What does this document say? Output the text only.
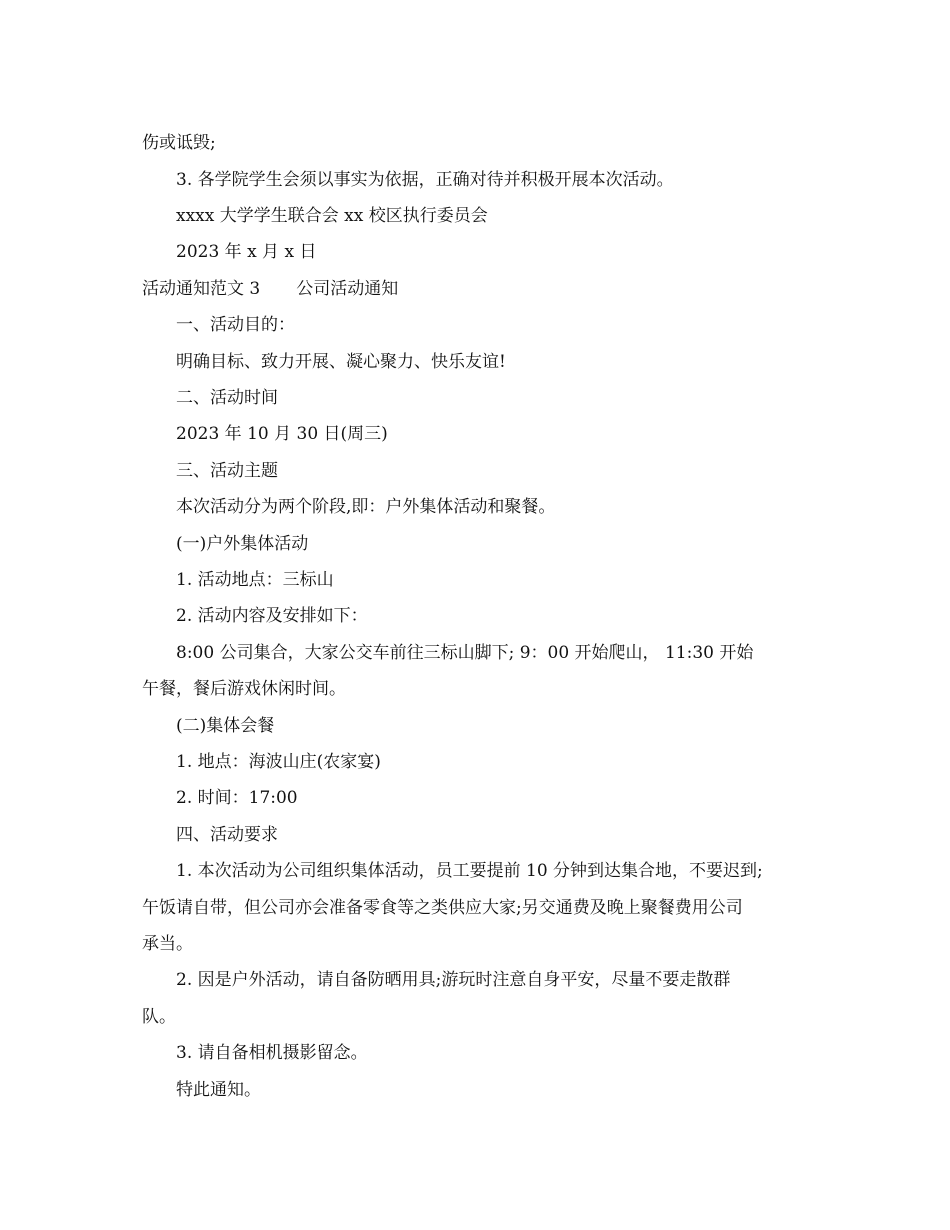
伤或诋毁;
3. 各学院学生会须以事实为依据，正确对待并积极开展本次活动。
xxxx 大学学生联合会 xx 校区执行委员会
2023 年 x 月 x 日
活动通知范文 3 公司活动通知
一、活动目的：
明确目标、致力开展、凝心聚力、快乐友谊!
二、活动时间
2023 年 10 月 30 日(周三)
三、活动主题
本次活动分为两个阶段,即：户外集体活动和聚餐。
(一)户外集体活动
1. 活动地点：三标山
2. 活动内容及安排如下：
8:00 公司集合，大家公交车前往三标山脚下; 9：00 开始爬山， 11:30 开始
午餐，餐后游戏休闲时间。
(二)集体会餐
1. 地点：海波山庄(农家宴)
2. 时间：17:00
四、活动要求
1. 本次活动为公司组织集体活动，员工要提前 10 分钟到达集合地，不要迟到;
午饭请自带，但公司亦会准备零食等之类供应大家;另交通费及晚上聚餐费用公司
承当。
2. 因是户外活动，请自备防晒用具;游玩时注意自身平安，尽量不要走散群
队。
3. 请自备相机摄影留念。
特此通知。
